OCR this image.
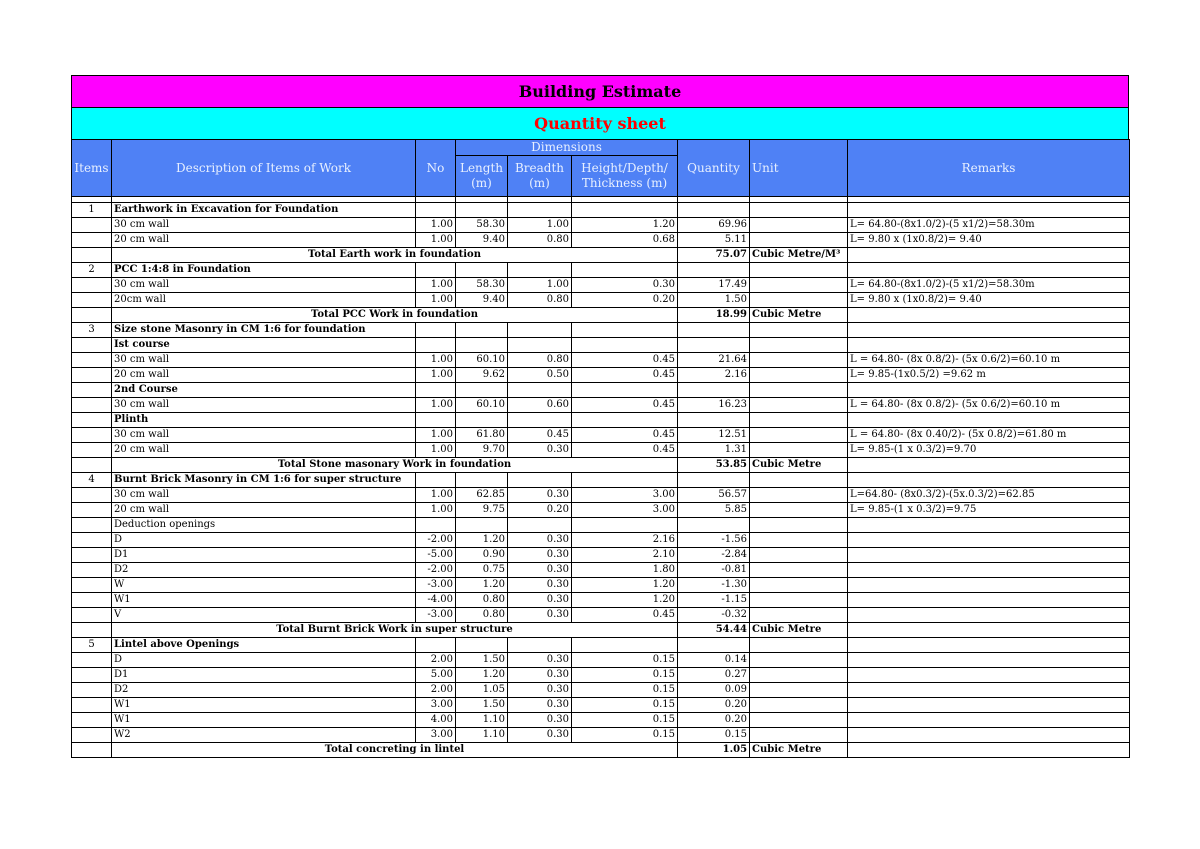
Building Estimate
Quantity sheet
Items	Description of Items of Work	No	Dimensions			Quantity	Unit	Remarks
			Length (m)	Breadth (m)	Height/Depth/ Thickness (m)			

1	Earthwork in Excavation for Foundation							
	30 cm wall	1.00	58.30	1.00	1.20	69.96		L= 64.80-(8x1.0/2)-(5 x1/2)=58.30m
	20 cm wall	1.00	9.40	0.80	0.68	5.11		L= 9.80 x (1x0.8/2)= 9.40
	Total Earth work in foundation					75.07	Cubic Metre/M³	
2	PCC 1:4:8 in Foundation							
	30 cm wall	1.00	58.30	1.00	0.30	17.49		L= 64.80-(8x1.0/2)-(5 x1/2)=58.30m
	20cm wall	1.00	9.40	0.80	0.20	1.50		L= 9.80 x (1x0.8/2)= 9.40
	Total PCC Work in foundation					18.99	Cubic Metre	
3	Size stone Masonry in CM 1:6 for foundation							
	Ist course							
	30 cm wall	1.00	60.10	0.80	0.45	21.64		L = 64.80- (8x 0.8/2)- (5x 0.6/2)=60.10 m
	20 cm wall	1.00	9.62	0.50	0.45	2.16		L= 9.85-(1x0.5/2) =9.62 m
	2nd Course							
	30 cm wall	1.00	60.10	0.60	0.45	16.23		L = 64.80- (8x 0.8/2)- (5x 0.6/2)=60.10 m
	Plinth							
	30 cm wall	1.00	61.80	0.45	0.45	12.51		L = 64.80- (8x 0.40/2)- (5x 0.8/2)=61.80 m
	20 cm wall	1.00	9.70	0.30	0.45	1.31		L= 9.85-(1 x 0.3/2)=9.70
	Total Stone masonary Work in foundation					53.85	Cubic Metre	
4	Burnt Brick Masonry in CM 1:6 for super structure							
	30 cm wall	1.00	62.85	0.30	3.00	56.57		L=64.80- (8x0.3/2)-(5x.0.3/2)=62.85
	20 cm wall	1.00	9.75	0.20	3.00	5.85		L= 9.85-(1 x 0.3/2)=9.75
	Deduction openings							
	D	-2.00	1.20	0.30	2.16	-1.56		
	D1	-5.00	0.90	0.30	2.10	-2.84		
	D2	-2.00	0.75	0.30	1.80	-0.81		
	W	-3.00	1.20	0.30	1.20	-1.30		
	W1	-4.00	0.80	0.30	1.20	-1.15		
	V	-3.00	0.80	0.30	0.45	-0.32		
	Total Burnt Brick Work in super structure					54.44	Cubic Metre	
5	Lintel above Openings							
	D	2.00	1.50	0.30	0.15	0.14		
	D1	5.00	1.20	0.30	0.15	0.27		
	D2	2.00	1.05	0.30	0.15	0.09		
	W1	3.00	1.50	0.30	0.15	0.20		
	W1	4.00	1.10	0.30	0.15	0.20		
	W2	3.00	1.10	0.30	0.15	0.15		
	Total concreting in lintel					1.05	Cubic Metre	
